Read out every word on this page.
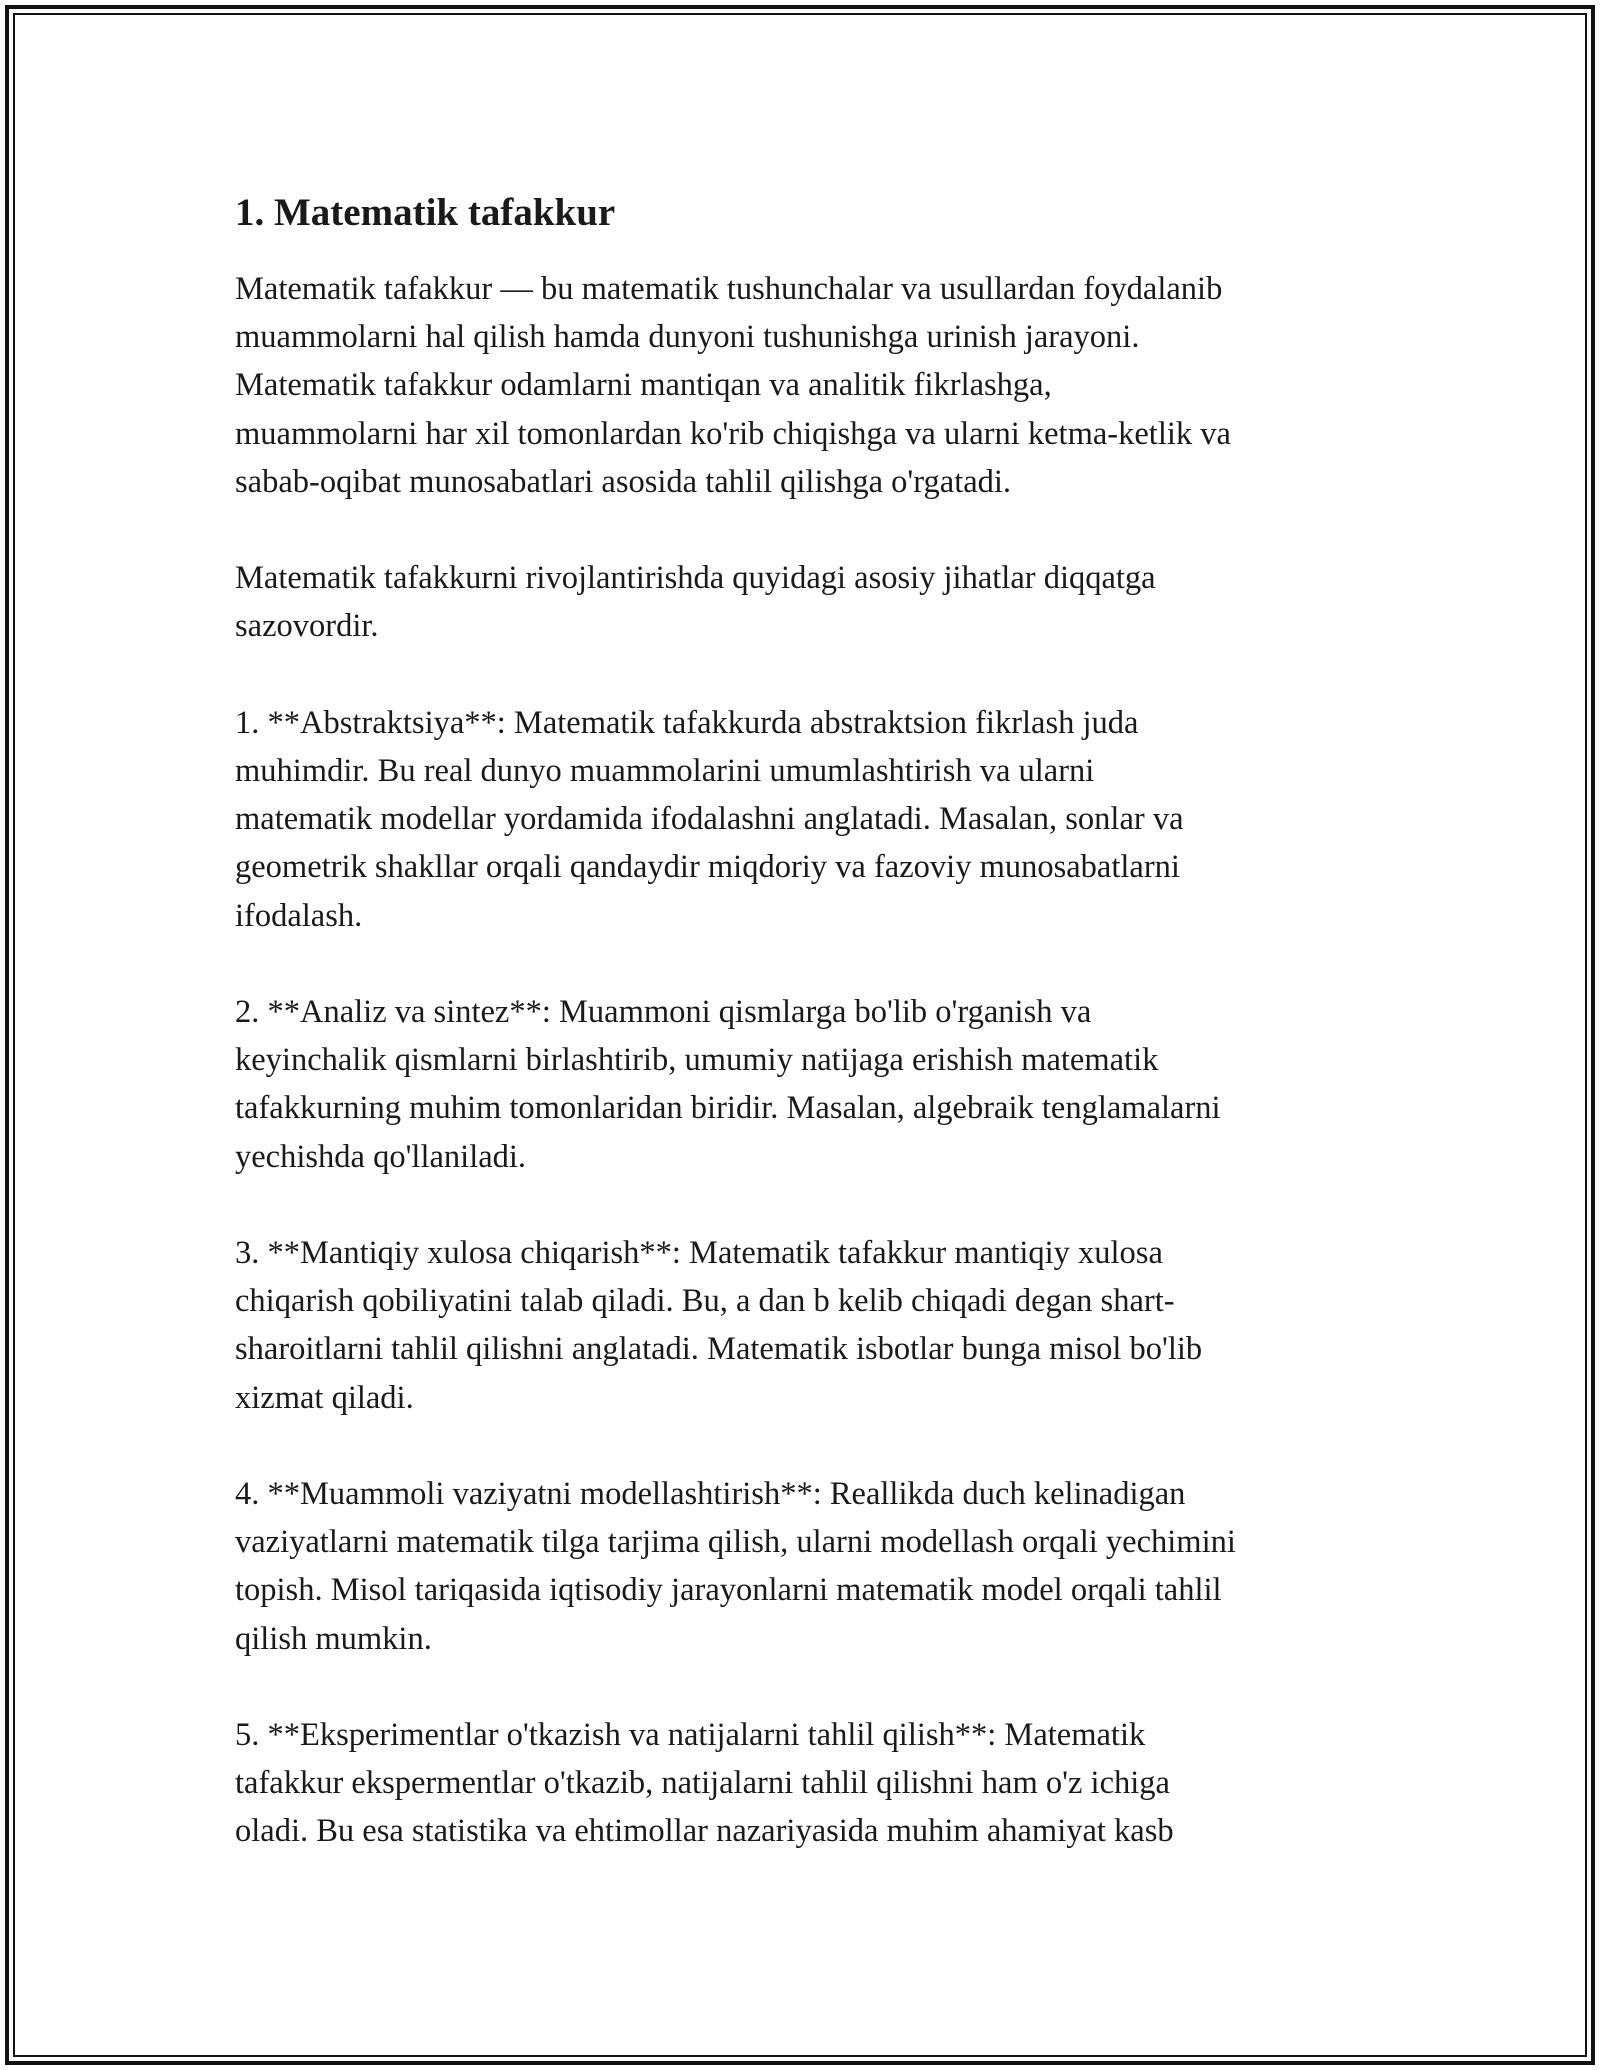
1. Matematik tafakkur

Matematik tafakkur — bu matematik tushunchalar va usullardan foydalanib
muammolarni hal qilish hamda dunyoni tushunishga urinish jarayoni.
Matematik tafakkur odamlarni mantiqan va analitik fikrlashga,
muammolarni har xil tomonlardan ko'rib chiqishga va ularni ketma-ketlik va
sabab-oqibat munosabatlari asosida tahlil qilishga o'rgatadi.

Matematik tafakkurni rivojlantirishda quyidagi asosiy jihatlar diqqatga
sazovordir.

1. **Abstraktsiya**: Matematik tafakkurda abstraktsion fikrlash juda
muhimdir. Bu real dunyo muammolarini umumlashtirish va ularni
matematik modellar yordamida ifodalashni anglatadi. Masalan, sonlar va
geometrik shakllar orqali qandaydir miqdoriy va fazoviy munosabatlarni
ifodalash.

2. **Analiz va sintez**: Muammoni qismlarga bo'lib o'rganish va
keyinchalik qismlarni birlashtirib, umumiy natijaga erishish matematik
tafakkurning muhim tomonlaridan biridir. Masalan, algebraik tenglamalarni
yechishda qo'llaniladi.

3. **Mantiqiy xulosa chiqarish**: Matematik tafakkur mantiqiy xulosa
chiqarish qobiliyatini talab qiladi. Bu, a dan b kelib chiqadi degan shart-
sharoitlarni tahlil qilishni anglatadi. Matematik isbotlar bunga misol bo'lib
xizmat qiladi.

4. **Muammoli vaziyatni modellashtirish**: Reallikda duch kelinadigan
vaziyatlarni matematik tilga tarjima qilish, ularni modellash orqali yechimini
topish. Misol tariqasida iqtisodiy jarayonlarni matematik model orqali tahlil
qilish mumkin.

5. **Eksperimentlar o'tkazish va natijalarni tahlil qilish**: Matematik
tafakkur ekspermentlar o'tkazib, natijalarni tahlil qilishni ham o'z ichiga
oladi. Bu esa statistika va ehtimollar nazariyasida muhim ahamiyat kasb
